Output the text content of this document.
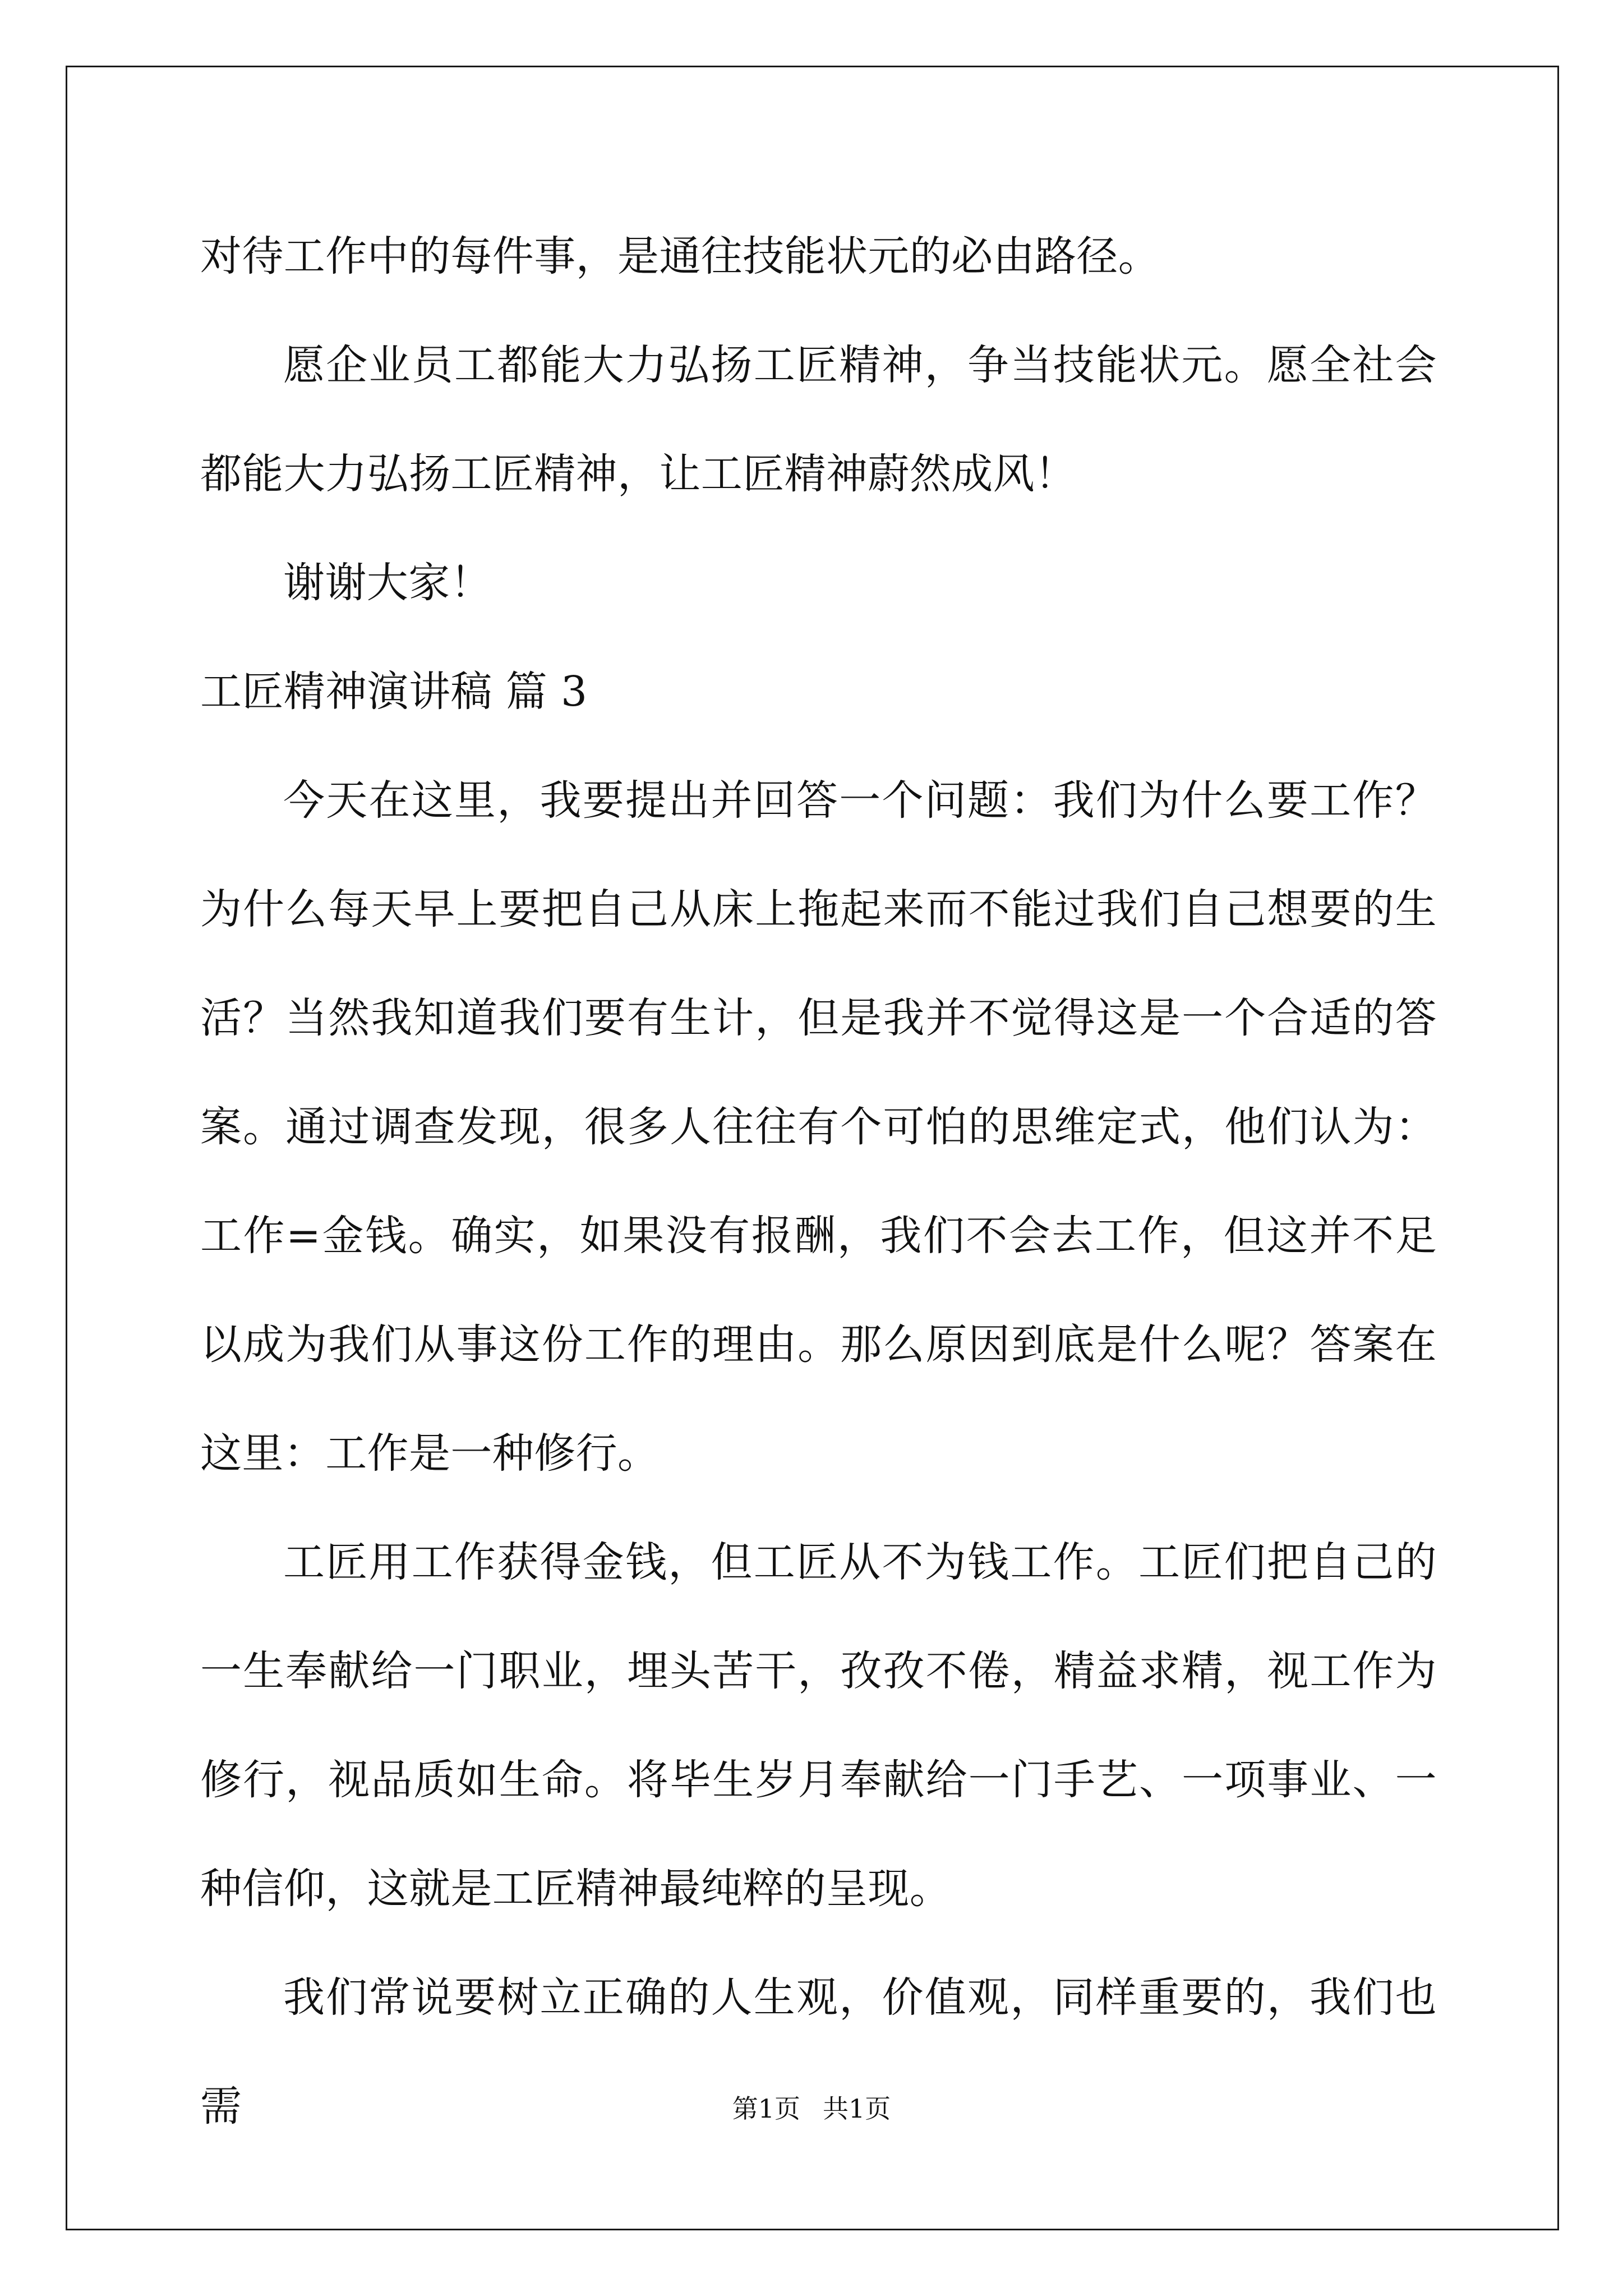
对待工作中的每件事，是通往技能状元的必由路径。

愿企业员工都能大力弘扬工匠精神，争当技能状元。愿全社会都能大力弘扬工匠精神，让工匠精神蔚然成风！

谢谢大家！

工匠精神演讲稿 篇 3

今天在这里，我要提出并回答一个问题：我们为什么要工作？为什么每天早上要把自己从床上拖起来而不能过我们自己想要的生活？当然我知道我们要有生计，但是我并不觉得这是一个合适的答案。通过调查发现，很多人往往有个可怕的思维定式，他们认为：工作=金钱。确实，如果没有报酬，我们不会去工作，但这并不足以成为我们从事这份工作的理由。那么原因到底是什么呢？答案在这里：工作是一种修行。

工匠用工作获得金钱，但工匠从不为钱工作。工匠们把自己的一生奉献给一门职业，埋头苦干，孜孜不倦，精益求精，视工作为修行，视品质如生命。将毕生岁月奉献给一门手艺、一项事业、一种信仰，这就是工匠精神最纯粹的呈现。

我们常说要树立正确的人生观，价值观，同样重要的，我们也需	第1页 共1页
